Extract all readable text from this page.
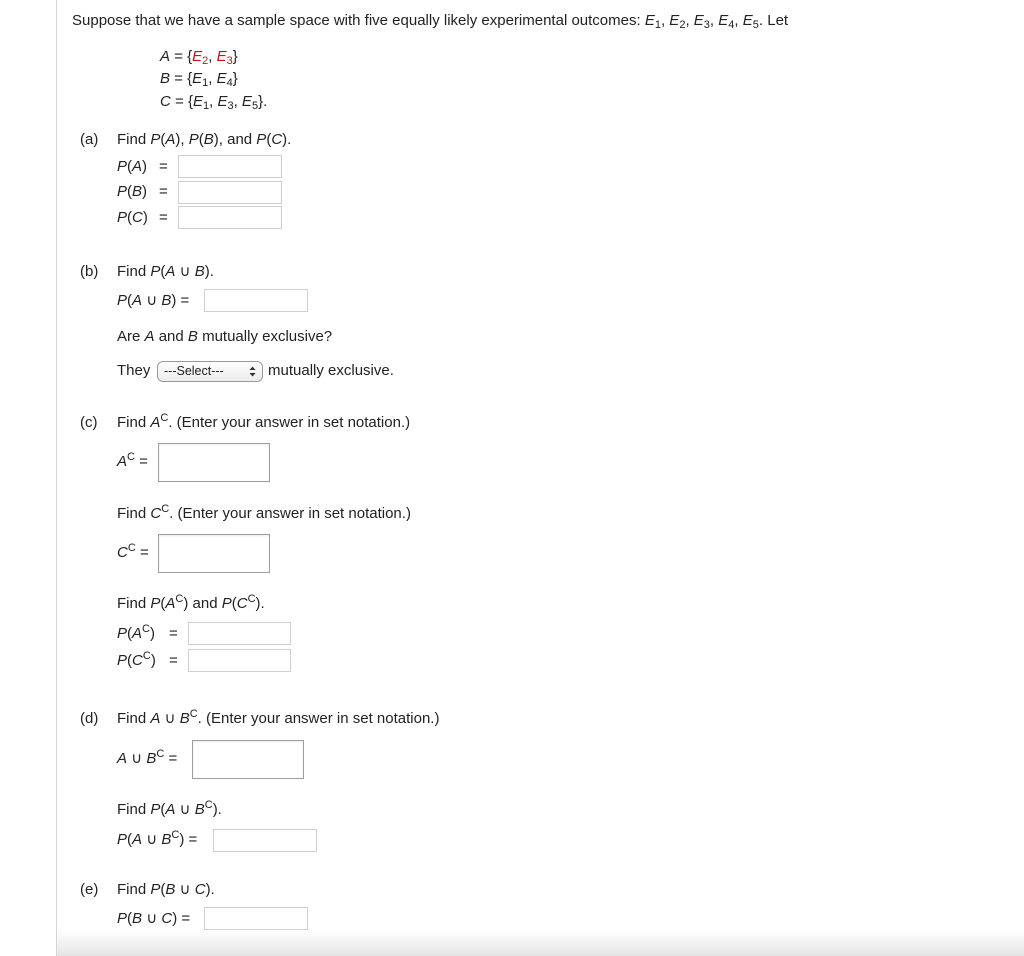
Suppose that we have a sample space with five equally likely experimental outcomes: $E_1$, $E_2$, $E_3$, $E_4$, $E_5$. Let
$A = \{E_2$, $E_3$}
$B = \{E_1$, $E_4$}
$C = \{E_1$, $E_3$, $E_5$}.
(a) Find P(A), P(B), and P(C).
P(A) =
P(B) =
P(C) =
(b) Find P(A ∪ B).
P(A ∪ B) =
Are A and B mutually exclusive?
They	---Select---	mutually exclusive.
(c) Find $A^C$. (Enter your answer in set notation.)
$A^C$ =
Find $C^C$. (Enter your answer in set notation.)
$C^C$ =
Find $P(A^C)$ and $P(C^C)$.
$P(A^C)$ =
$P(C^C)$ =
(d) Find A ∪ $B^C$. (Enter your answer in set notation.)
A ∪ $B^C$ =
Find P(A ∪ $B^C$).
P(A ∪ $B^C$) =
(e) Find P(B ∪ C).
P(B ∪ C) =
